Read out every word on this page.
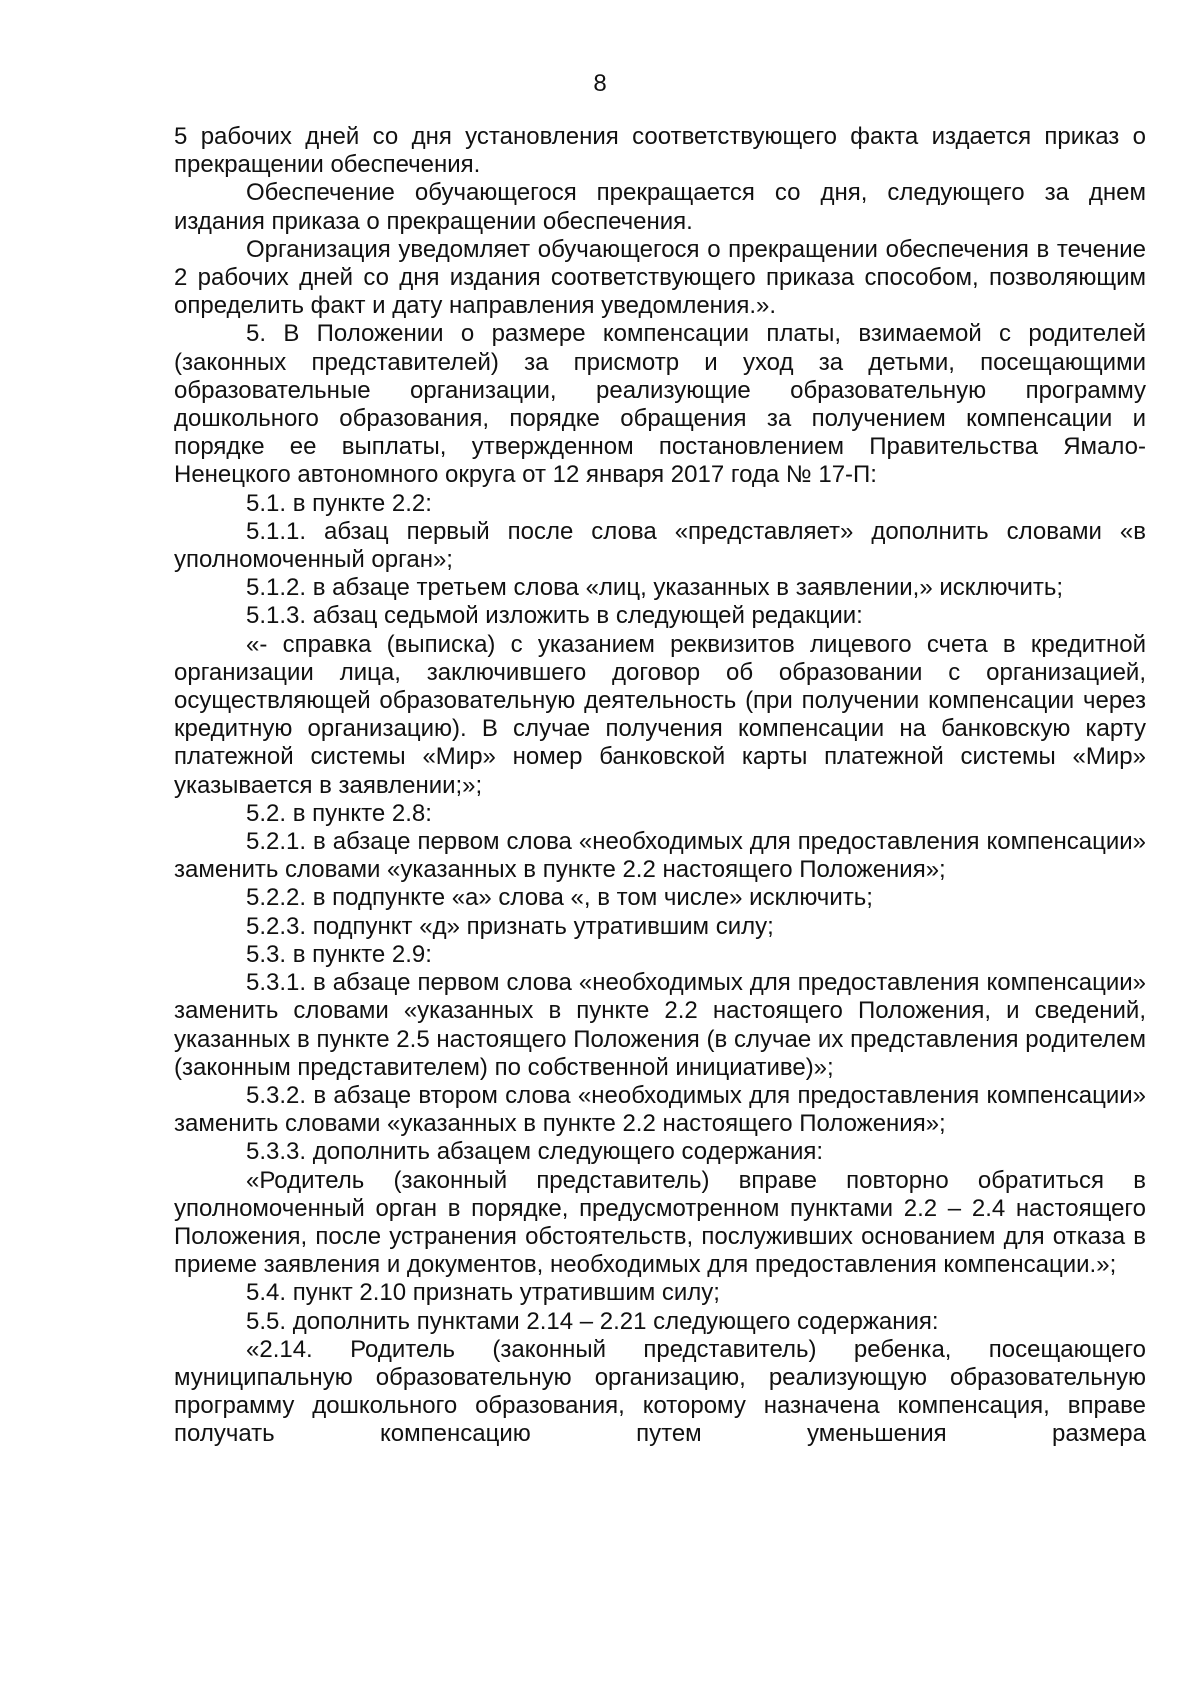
8

5 рабочих дней со дня установления соответствующего факта издается приказ о прекращении обеспечения.

Обеспечение обучающегося прекращается со дня, следующего за днем издания приказа о прекращении обеспечения.

Организация уведомляет обучающегося о прекращении обеспечения в течение 2 рабочих дней со дня издания соответствующего приказа способом, позволяющим определить факт и дату направления уведомления.».

5. В Положении о размере компенсации платы, взимаемой с родителей (законных представителей) за присмотр и уход за детьми, посещающими образовательные организации, реализующие образовательную программу дошкольного образования, порядке обращения за получением компенсации и порядке ее выплаты, утвержденном постановлением Правительства Ямало-Ненецкого автономного округа от 12 января 2017 года № 17-П:

5.1. в пункте 2.2:

5.1.1. абзац первый после слова «представляет» дополнить словами «в уполномоченный орган»;

5.1.2. в абзаце третьем слова «лиц, указанных в заявлении,» исключить;

5.1.3. абзац седьмой изложить в следующей редакции:

«- справка (выписка) с указанием реквизитов лицевого счета в кредитной организации лица, заключившего договор об образовании с организацией, осуществляющей образовательную деятельность (при получении компенсации через кредитную организацию). В случае получения компенсации на банковскую карту платежной системы «Мир» номер банковской карты платежной системы «Мир» указывается в заявлении;»;

5.2. в пункте 2.8:

5.2.1. в абзаце первом слова «необходимых для предоставления компенсации» заменить словами «указанных в пункте 2.2 настоящего Положения»;

5.2.2. в подпункте «а» слова «, в том числе» исключить;

5.2.3. подпункт «д» признать утратившим силу;

5.3. в пункте 2.9:

5.3.1. в абзаце первом слова «необходимых для предоставления компенсации» заменить словами «указанных в пункте 2.2 настоящего Положения, и сведений, указанных в пункте 2.5 настоящего Положения (в случае их представления родителем (законным представителем) по собственной инициативе)»;

5.3.2. в абзаце втором слова «необходимых для предоставления компенсации» заменить словами «указанных в пункте 2.2 настоящего Положения»;

5.3.3. дополнить абзацем следующего содержания:

«Родитель (законный представитель) вправе повторно обратиться в уполномоченный орган в порядке, предусмотренном пунктами 2.2 – 2.4 настоящего Положения, после устранения обстоятельств, послуживших основанием для отказа в приеме заявления и документов, необходимых для предоставления компенсации.»;

5.4. пункт 2.10 признать утратившим силу;

5.5. дополнить пунктами 2.14 – 2.21 следующего содержания:

«2.14. Родитель (законный представитель) ребенка, посещающего муниципальную образовательную организацию, реализующую образовательную программу дошкольного образования, которому назначена компенсация, вправе получать компенсацию путем уменьшения размера
